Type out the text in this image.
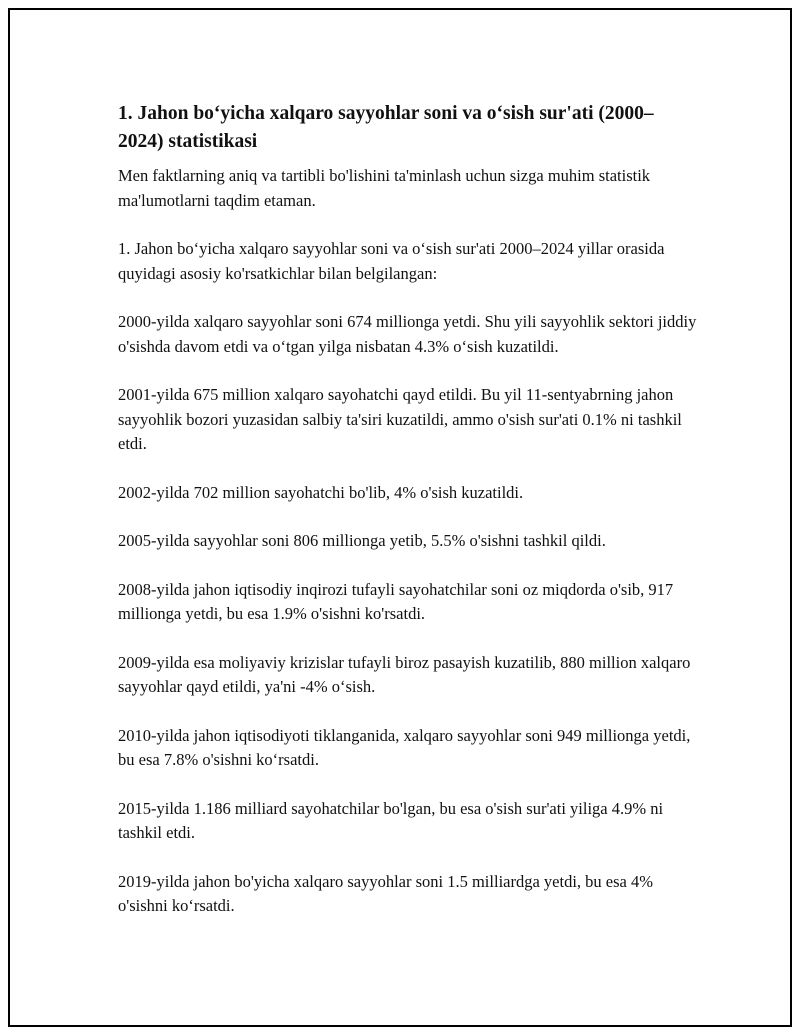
1. Jahon bo‘yicha xalqaro sayyohlar soni va o‘sish sur'ati (2000–2024) statistikasi

Men faktlarning aniq va tartibli bo'lishini ta'minlash uchun sizga muhim statistik ma'lumotlarni taqdim etaman.

1. Jahon bo‘yicha xalqaro sayyohlar soni va o‘sish sur'ati 2000–2024 yillar orasida quyidagi asosiy ko'rsatkichlar bilan belgilangan:

2000-yilda xalqaro sayyohlar soni 674 millionga yetdi. Shu yili sayyohlik sektori jiddiy o'sishda davom etdi va o‘tgan yilga nisbatan 4.3% o‘sish kuzatildi.

2001-yilda 675 million xalqaro sayohatchi qayd etildi. Bu yil 11-sentyabrning jahon sayyohlik bozori yuzasidan salbiy ta'siri kuzatildi, ammo o'sish sur'ati 0.1% ni tashkil etdi.

2002-yilda 702 million sayohatchi bo'lib, 4% o'sish kuzatildi.

2005-yilda sayyohlar soni 806 millionga yetib, 5.5% o'sishni tashkil qildi.

2008-yilda jahon iqtisodiy inqirozi tufayli sayohatchilar soni oz miqdorda o'sib, 917 millionga yetdi, bu esa 1.9% o'sishni ko'rsatdi.

2009-yilda esa moliyaviy krizislar tufayli biroz pasayish kuzatilib, 880 million xalqaro sayyohlar qayd etildi, ya'ni -4% o‘sish.

2010-yilda jahon iqtisodiyoti tiklanganida, xalqaro sayyohlar soni 949 millionga yetdi, bu esa 7.8% o'sishni ko‘rsatdi.

2015-yilda 1.186 milliard sayohatchilar bo'lgan, bu esa o'sish sur'ati yiliga 4.9% ni tashkil etdi.

2019-yilda jahon bo'yicha xalqaro sayyohlar soni 1.5 milliardga yetdi, bu esa 4% o'sishni ko‘rsatdi.
